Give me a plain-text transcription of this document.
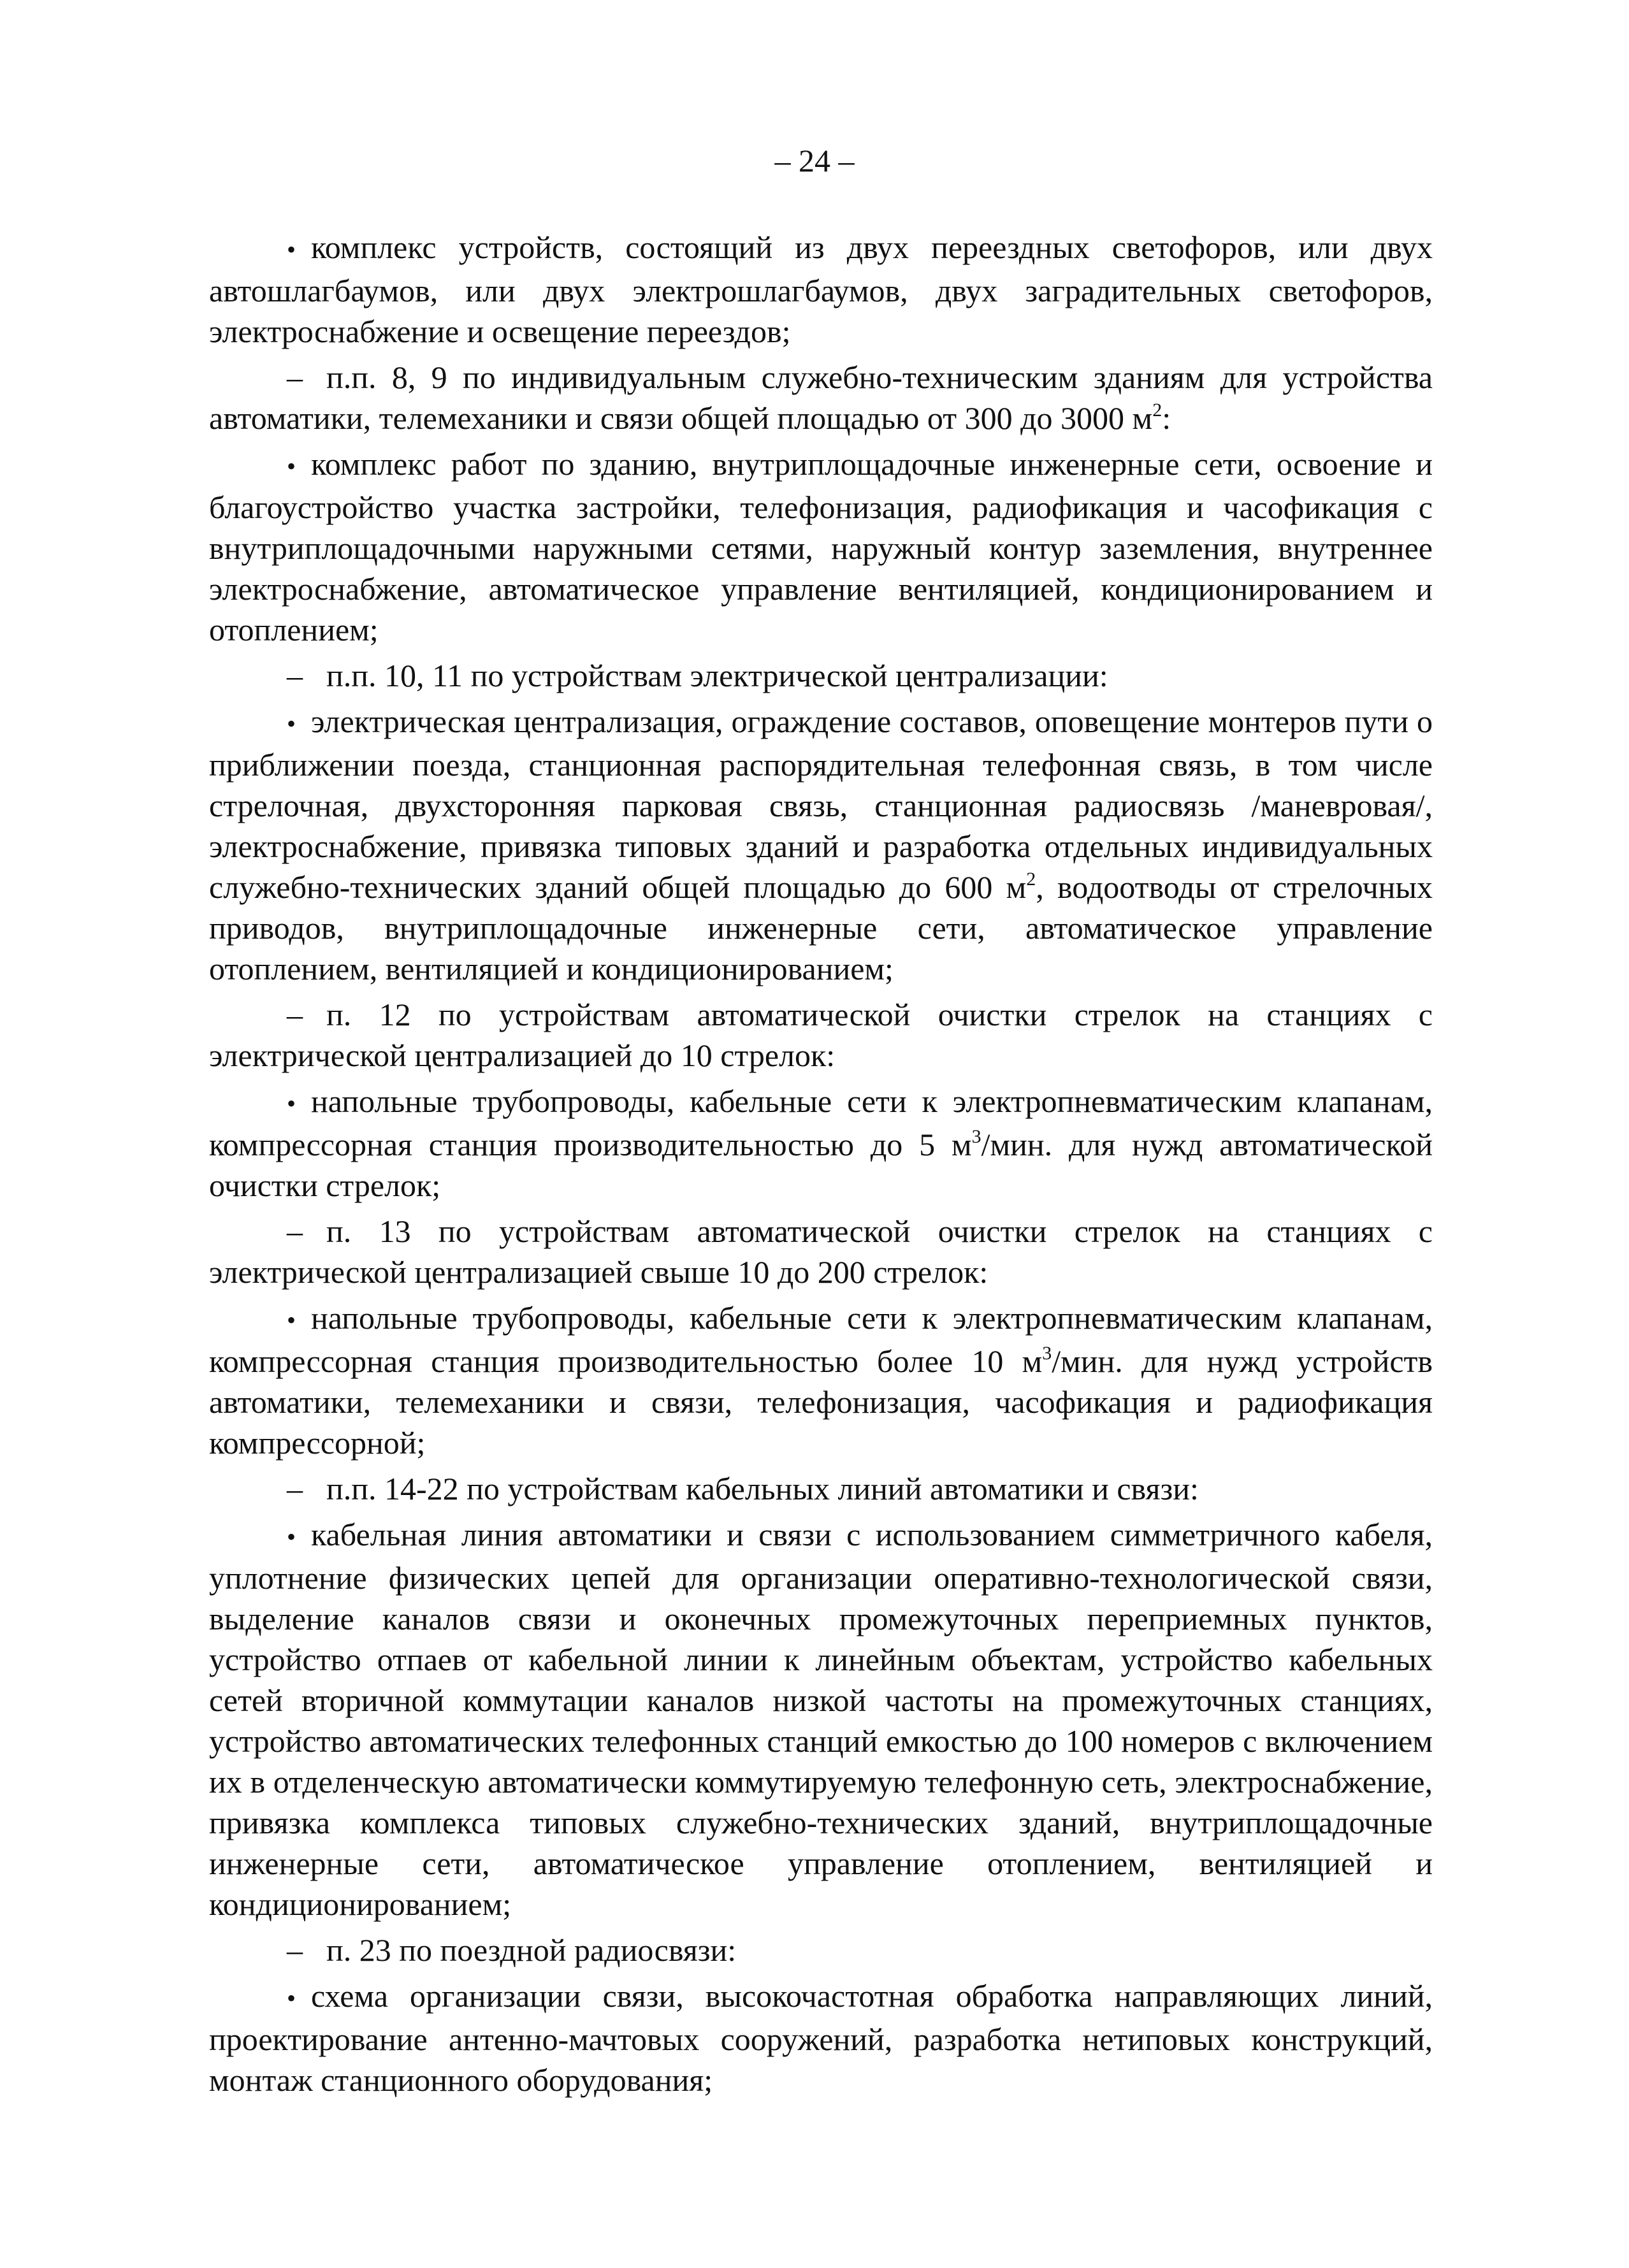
– 24 –

• комплекс устройств, состоящий из двух переездных светофоров, или двух автошлагбаумов, или двух электрошлагбаумов, двух заградительных светофоров, электроснабжение и освещение переездов;

– п.п. 8, 9 по индивидуальным служебно-техническим зданиям для устройства автоматики, телемеханики и связи общей площадью от 300 до 3000 $м^2$:

• комплекс работ по зданию, внутриплощадочные инженерные сети, освоение и благоустройство участка застройки, телефонизация, радиофикация и часофикация с внутриплощадочными наружными сетями, наружный контур заземления, внутреннее электроснабжение, автоматическое управление вентиляцией, кондиционированием и отоплением;

– п.п. 10, 11 по устройствам электрической централизации:

• электрическая централизация, ограждение составов, оповещение монтеров пути о приближении поезда, станционная распорядительная телефонная связь, в том числе стрелочная, двухсторонняя парковая связь, станционная радиосвязь /маневровая/, электроснабжение, привязка типовых зданий и разработка отдельных индивидуальных служебно-технических зданий общей площадью до 600 $м^2$, водоотводы от стрелочных приводов, внутриплощадочные инженерные сети, автоматическое управление отоплением, вентиляцией и кондиционированием;

– п. 12 по устройствам автоматической очистки стрелок на станциях с электрической централизацией до 10 стрелок:

• напольные трубопроводы, кабельные сети к электропневматическим клапанам, компрессорная станция производительностью до 5 $м^3$/мин. для нужд автоматической очистки стрелок;

– п. 13 по устройствам автоматической очистки стрелок на станциях с электрической централизацией свыше 10 до 200 стрелок:

• напольные трубопроводы, кабельные сети к электропневматическим клапанам, компрессорная станция производительностью более 10 $м^3$/мин. для нужд устройств автоматики, телемеханики и связи, телефонизация, часофикация и радиофикация компрессорной;

– п.п. 14-22 по устройствам кабельных линий автоматики и связи:

• кабельная линия автоматики и связи с использованием симметричного кабеля, уплотнение физических цепей для организации оперативно-технологической связи, выделение каналов связи и оконечных промежуточных переприемных пунктов, устройство отпаев от кабельной линии к линейным объектам, устройство кабельных сетей вторичной коммутации каналов низкой частоты на промежуточных станциях, устройство автоматических телефонных станций емкостью до 100 номеров с включением их в отделенческую автоматически коммутируемую телефонную сеть, электроснабжение, привязка комплекса типовых служебно-технических зданий, внутриплощадочные инженерные сети, автоматическое управление отоплением, вентиляцией и кондиционированием;

– п. 23 по поездной радиосвязи:

• схема организации связи, высокочастотная обработка направляющих линий, проектирование антенно-мачтовых сооружений, разработка нетиповых конструкций, монтаж станционного оборудования;
